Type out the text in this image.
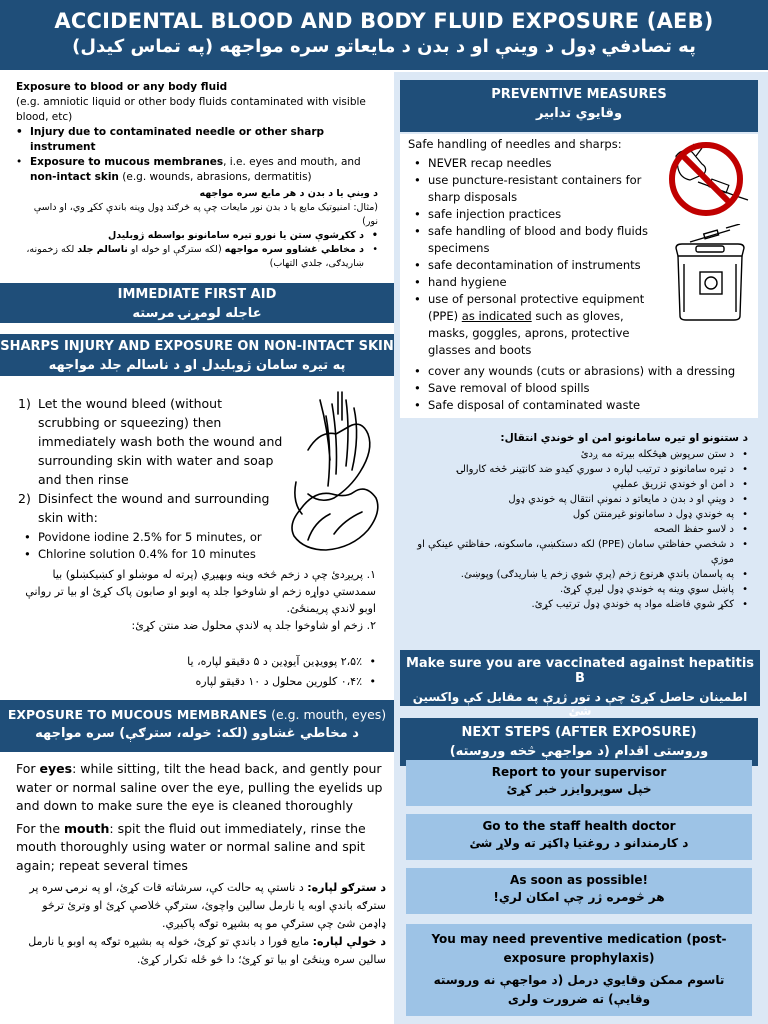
ACCIDENTAL BLOOD AND BODY FLUID EXPOSURE (AEB)
په تصادفي ډول د وینې او د بدن د مایعاتو سره مواجهه (په تماس کیدل)
Exposure to blood or any body fluid
(e.g. amniotic liquid or other body fluids contaminated with visible blood, etc)
• Injury due to contaminated needle or other sharp instrument
• Exposure to mucous membranes, i.e. eyes and mouth, and non-intact skin (e.g. wounds, abrasions, dermatitis)
د وینې یا د بدن د هر مایع سره مواجهه
(مثال: امنیوتیک مایع یا د بدن نور مایعات چې په څرګند ډول وینه باندې ککړ وي، او داسې نور)
• د ککړشوې ستن یا نورو تیره سامانونو بواسطه ژوبلیدل
• د مخاطي غشاوو سره مواجهه (لکه سترګې او خوله او ناسالم جلد لکه زخمونه، ښاریدګی، جلدي التهاب)
IMMEDIATE FIRST AID
عاجله لومړنۍ مرسته
SHARPS INJURY AND EXPOSURE ON NON-INTACT SKIN
په تیره سامان ژوبلیدل او د ناسالم جلد مواجهه
1) Let the wound bleed (without scrubbing or squeezing) then immediately wash both the wound and surrounding skin with water and soap and then rinse
2) Disinfect the wound and surrounding skin with:
• Povidone iodine 2.5% for 5 minutes, or
• Chlorine solution 0.4% for 10 minutes
۱. پریږدئ چې د زخم څخه وینه وبهیږي (پرته له موښلو او کښیکښلو) بیا سمدستي دواړه زخم او شاوخوا جلد په اوبو او صابون پاک کړئ او بیا تر روانې اوبو لاندې پریمنځئ.
۲. زخم او شاوخوا جلد په لاندې محلول ضد منتن کړئ:
• ۲،۵٪ پوویډین آیوډین د ۵ دقیقو لپاره، یا
• ۰،۴٪ کلورین محلول د ۱۰ دقیقو لپاره
EXPOSURE TO MUCOUS MEMBRANES (e.g. mouth, eyes)
د مخاطي غشاوو (لکه: خوله، سترګې) سره مواجهه

For eyes: while sitting, tilt the head back, and gently pour water or normal saline over the eye, pulling the eyelids up and down to make sure the eye is cleaned thoroughly

For the mouth: spit the fluid out immediately, rinse the mouth thoroughly using water or normal saline and spit again; repeat several times

د سترګو لپاره: د ناستې په حالت کې، سرشاته قات کړئ، او په نرمۍ سره پر سترګه باندې اوبه یا نارمل سالین واچوئ، سترګې څلاصې کړئ او وترئ ترڅو ډاډمن شئ چې سترګې مو په بشپړه توګه پاکیږي.
د خولې لپاره: مایع فورا د باندې تو کړئ، خوله په بشپړه توګه په اوبو یا نارمل سالین سره وینځئ او بیا تو کړئ؛ دا څو ځله تکرار کړئ.
PREVENTIVE MEASURES
وقایوي تدابیر
Safe handling of needles and sharps:
• NEVER recap needles
• use puncture-resistant containers for sharp disposals
• safe injection practices
• safe handling of blood and body fluids specimens
• safe decontamination of instruments
• hand hygiene
• use of personal protective equipment (PPE) as indicated such as gloves, masks, goggles, aprons, protective glasses and boots
• cover any wounds (cuts or abrasions) with a dressing
• Save removal of blood spills
• Safe disposal of contaminated waste
د ستنونو او تیره سامانونو امن او خوندي انتقال:
• د ستن سرپوښ هیڅکله بیرته مه ږدئ
• د تیره سامانونو د ترتیب لپاره د سوري کیدو ضد کانټینر څخه کاروالۍ
• د امن او خوندي تزریق عملیې
• د وینې او د بدن د مایعاتو د نمونې انتقال په خوندي ډول
• په خوندي ډول د سامانونو غیرمنتن کول
• د لاسو حفظ الصحه
• د شخصي حفاظتي سامان (PPE) لکه دستکښې، ماسکونه، حفاظتي عینکې او موزې
• په پاسمان باندې هرنوع زخم (پرې شوي زخم یا ښاریدګی) وپوښئ.
• پاښل سوي وینه په خوندي ډول لیرې کړئ.
• ککړ شوي فاضله مواد په خوندي ډول ترتیب کړئ.
Make sure you are vaccinated against hepatitis B
اطمینان حاصل کړئ چې د تور ژړې په مقابل کې واکسین شئ
NEXT STEPS (AFTER EXPOSURE)
وروستی اقدام (د مواجهې څخه وروسته)
Report to your supervisor
خپل سوپروایزر خبر کړئ
Go to the staff health doctor
د کارمندانو د روغتیا ډاکټر ته ولاړ شئ
As soon as possible!
هر څومره ژر چې امکان لري!
You may need preventive medication (post-exposure prophylaxis)
تاسوم ممکن وقایوي درمل (د مواجهې نه وروسته وقایې) ته ضرورت ولری
